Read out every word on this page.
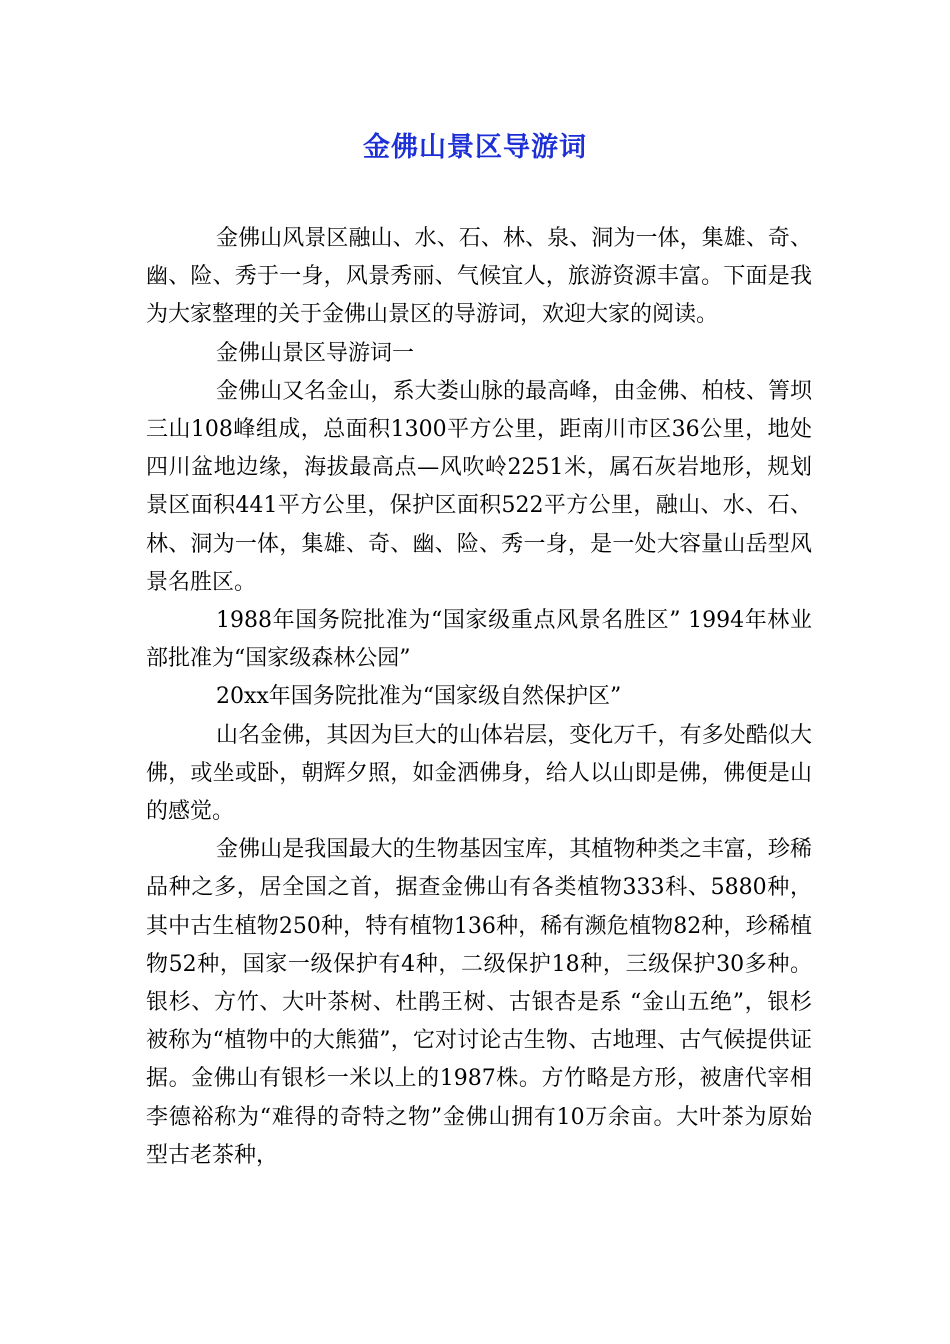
金佛山景区导游词

金佛山风景区融山、水、石、林、泉、洞为一体，集雄、奇、幽、险、秀于一身，风景秀丽、气候宜人，旅游资源丰富。下面是我为大家整理的关于金佛山景区的导游词，欢迎大家的阅读。

金佛山景区导游词一

金佛山又名金山，系大娄山脉的最高峰，由金佛、柏枝、箐坝三山108峰组成，总面积1300平方公里，距南川市区36公里，地处四川盆地边缘，海拔最高点—风吹岭2251米，属石灰岩地形，规划景区面积441平方公里，保护区面积522平方公里，融山、水、石、林、洞为一体，集雄、奇、幽、险、秀一身，是一处大容量山岳型风景名胜区。

1988年国务院批准为“国家级重点风景名胜区” 1994年林业部批准为“国家级森林公园”

20xx年国务院批准为“国家级自然保护区”

山名金佛，其因为巨大的山体岩层，变化万千，有多处酷似大佛，或坐或卧，朝辉夕照，如金洒佛身，给人以山即是佛，佛便是山的感觉。

金佛山是我国最大的生物基因宝库，其植物种类之丰富，珍稀品种之多，居全国之首，据查金佛山有各类植物333科、5880种，其中古生植物250种，特有植物136种，稀有濒危植物82种，珍稀植物52种，国家一级保护有4种，二级保护18种，三级保护30多种。银杉、方竹、大叶茶树、杜鹃王树、古银杏是系 “金山五绝”，银杉被称为“植物中的大熊猫”，它对讨论古生物、古地理、古气候提供证据。金佛山有银杉一米以上的1987株。方竹略是方形，被唐代宰相李德裕称为“难得的奇特之物”金佛山拥有10万余亩。大叶茶为原始型古老茶种，
